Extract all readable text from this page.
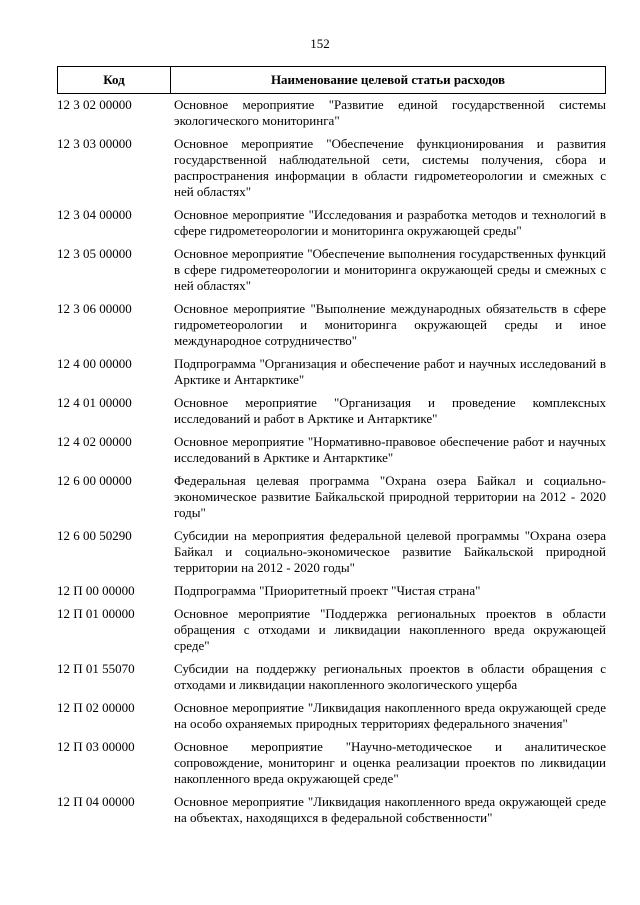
152
Код	Наименование целевой статьи расходов
12 3 02 00000	Основное мероприятие "Развитие единой государственной системы экологического мониторинга"
12 3 03 00000	Основное мероприятие "Обеспечение функционирования и развития государственной наблюдательной сети, системы получения, сбора и распространения информации в области гидрометеорологии и смежных с ней областях"
12 3 04 00000	Основное мероприятие "Исследования и разработка методов и технологий в сфере гидрометеорологии и мониторинга окружающей среды"
12 3 05 00000	Основное мероприятие "Обеспечение выполнения государственных функций в сфере гидрометеорологии и мониторинга окружающей среды и смежных с ней областях"
12 3 06 00000	Основное мероприятие "Выполнение международных обязательств в сфере гидрометеорологии и мониторинга окружающей среды и иное международное сотрудничество"
12 4 00 00000	Подпрограмма "Организация и обеспечение работ и научных исследований в Арктике и Антарктике"
12 4 01 00000	Основное мероприятие "Организация и проведение комплексных исследований и работ в Арктике и Антарктике"
12 4 02 00000	Основное мероприятие "Нормативно-правовое обеспечение работ и научных исследований в Арктике и Антарктике"
12 6 00 00000	Федеральная целевая программа "Охрана озера Байкал и социально-экономическое развитие Байкальской природной территории на 2012 - 2020 годы"
12 6 00 50290	Субсидии на мероприятия федеральной целевой программы "Охрана озера Байкал и социально-экономическое развитие Байкальской природной территории на 2012 - 2020 годы"
12 П 00 00000	Подпрограмма "Приоритетный проект "Чистая страна"
12 П 01 00000	Основное мероприятие "Поддержка региональных проектов в области обращения с отходами и ликвидации накопленного вреда окружающей среде"
12 П 01 55070	Субсидии на поддержку региональных проектов в области обращения с отходами и ликвидации накопленного экологического ущерба
12 П 02 00000	Основное мероприятие "Ликвидация накопленного вреда окружающей среде на особо охраняемых природных территориях федерального значения"
12 П 03 00000	Основное мероприятие "Научно-методическое и аналитическое сопровождение, мониторинг и оценка реализации проектов по ликвидации накопленного вреда окружающей среде"
12 П 04 00000	Основное мероприятие "Ликвидация накопленного вреда окружающей среде на объектах, находящихся в федеральной собственности"
